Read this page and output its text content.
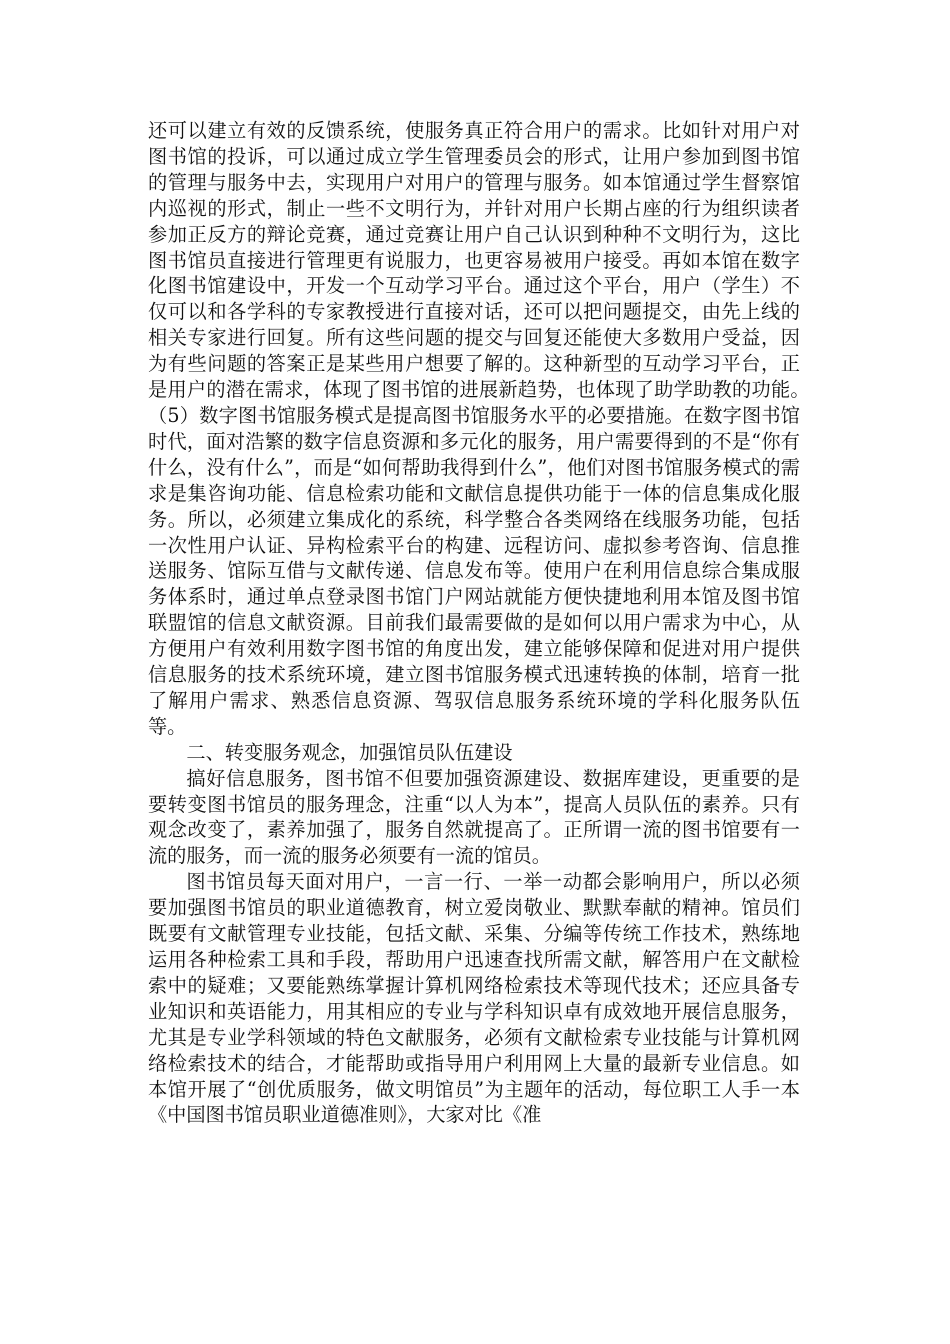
还可以建立有效的反馈系统，使服务真正符合用户的需求。比如针对用户对图书馆的投诉，可以通过成立学生管理委员会的形式，让用户参加到图书馆的管理与服务中去，实现用户对用户的管理与服务。如本馆通过学生督察馆内巡视的形式，制止一些不文明行为，并针对用户长期占座的行为组织读者参加正反方的辩论竞赛，通过竞赛让用户自己认识到种种不文明行为，这比图书馆员直接进行管理更有说服力，也更容易被用户接受。再如本馆在数字化图书馆建设中，开发一个互动学习平台。通过这个平台，用户（学生）不仅可以和各学科的专家教授进行直接对话，还可以把问题提交，由先上线的相关专家进行回复。所有这些问题的提交与回复还能使大多数用户受益，因为有些问题的答案正是某些用户想要了解的。这种新型的互动学习平台，正是用户的潜在需求，体现了图书馆的进展新趋势，也体现了助学助教的功能。　　　　（5）数字图书馆服务模式是提高图书馆服务水平的必要措施。在数字图书馆时代，面对浩繁的数字信息资源和多元化的服务，用户需要得到的不是“你有什么，没有什么”，而是“如何帮助我得到什么”，他们对图书馆服务模式的需求是集咨询功能、信息检索功能和文献信息提供功能于一体的信息集成化服务。所以，必须建立集成化的系统，科学整合各类网络在线服务功能，包括一次性用户认证、异构检索平台的构建、远程访问、虚拟参考咨询、信息推送服务、馆际互借与文献传递、信息发布等。使用户在利用信息综合集成服务体系时，通过单点登录图书馆门户网站就能方便快捷地利用本馆及图书馆联盟馆的信息文献资源。目前我们最需要做的是如何以用户需求为中心，从方便用户有效利用数字图书馆的角度出发，建立能够保障和促进对用户提供信息服务的技术系统环境，建立图书馆服务模式迅速转换的体制，培育一批了解用户需求、熟悉信息资源、驾驭信息服务系统环境的学科化服务队伍等。

二、转变服务观念，加强馆员队伍建设

搞好信息服务，图书馆不但要加强资源建设、数据库建设，更重要的是要转变图书馆员的服务理念，注重“以人为本”，提高人员队伍的素养。只有观念改变了，素养加强了，服务自然就提高了。正所谓一流的图书馆要有一流的服务，而一流的服务必须要有一流的馆员。

图书馆员每天面对用户，一言一行、一举一动都会影响用户，所以必须要加强图书馆员的职业道德教育，树立爱岗敬业、默默奉献的精神。馆员们既要有文献管理专业技能，包括文献、采集、分编等传统工作技术，熟练地运用各种检索工具和手段，帮助用户迅速查找所需文献，解答用户在文献检索中的疑难；又要能熟练掌握计算机网络检索技术等现代技术；还应具备专业知识和英语能力，用其相应的专业与学科知识卓有成效地开展信息服务，尤其是专业学科领域的特色文献服务，必须有文献检索专业技能与计算机网络检索技术的结合，才能帮助或指导用户利用网上大量的最新专业信息。如本馆开展了“创优质服务，做文明馆员”为主题年的活动，每位职工人手一本《中国图书馆员职业道德准则》，大家对比《准
